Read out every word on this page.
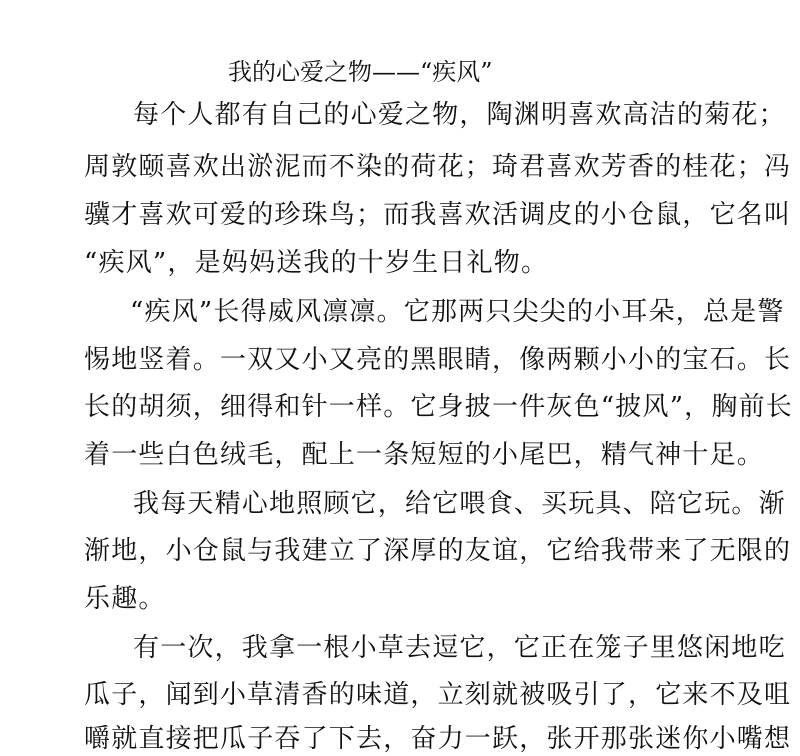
我的心爱之物——“疾风”
每个人都有自己的心爱之物，陶渊明喜欢高洁的菊花；
周敦颐喜欢出淤泥而不染的荷花；琦君喜欢芳香的桂花；冯
骥才喜欢可爱的珍珠鸟；而我喜欢活调皮的小仓鼠，它名叫
“疾风”，是妈妈送我的十岁生日礼物。
“疾风”长得威风凛凛。它那两只尖尖的小耳朵，总是警
惕地竖着。一双又小又亮的黑眼睛，像两颗小小的宝石。长
长的胡须，细得和针一样。它身披一件灰色“披风”，胸前长
着一些白色绒毛，配上一条短短的小尾巴，精气神十足。
我每天精心地照顾它，给它喂食、买玩具、陪它玩。渐
渐地，小仓鼠与我建立了深厚的友谊，它给我带来了无限的
乐趣。
有一次，我拿一根小草去逗它，它正在笼子里悠闲地吃
瓜子，闻到小草清香的味道，立刻就被吸引了，它来不及咀
嚼就直接把瓜子吞了下去，奋力一跃，张开那张迷你小嘴想
